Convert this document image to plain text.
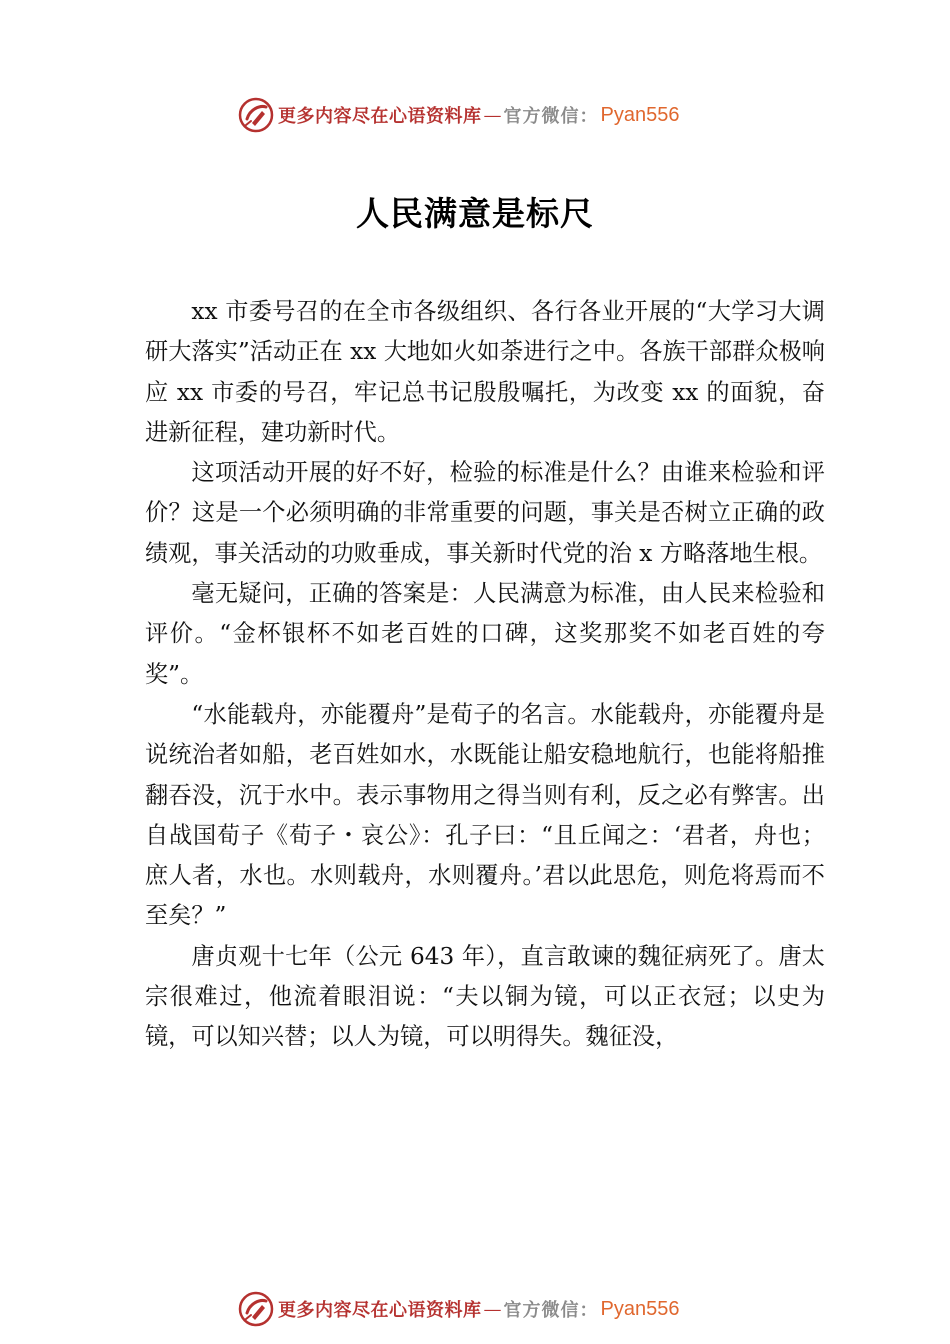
更多内容尽在心语资料库 — 官方微信： Pyan556
人民满意是标尺

xx 市委号召的在全市各级组织、各行各业开展的“大学习大调研大落实”活动正在 xx 大地如火如荼进行之中。各族干部群众极响应 xx 市委的号召，牢记总书记殷殷嘱托，为改变 xx 的面貌，奋进新征程，建功新时代。

这项活动开展的好不好，检验的标准是什么？由谁来检验和评价？这是一个必须明确的非常重要的问题，事关是否树立正确的政绩观，事关活动的功败垂成，事关新时代党的治 x 方略落地生根。

毫无疑问，正确的答案是：人民满意为标准，由人民来检验和评价。“金杯银杯不如老百姓的口碑，这奖那奖不如老百姓的夸奖”。

“水能载舟，亦能覆舟”是荀子的名言。水能载舟，亦能覆舟是说统治者如船，老百姓如水，水既能让船安稳地航行，也能将船推翻吞没，沉于水中。表示事物用之得当则有利，反之必有弊害。出自战国荀子《荀子・哀公》：孔子曰：“且丘闻之：‘君者，舟也；庶人者，水也。水则载舟，水则覆舟。’君以此思危，则危将焉而不至矣？”

唐贞观十七年（公元 643 年），直言敢谏的魏征病死了。唐太宗很难过，他流着眼泪说：“夫以铜为镜，可以正衣冠；以史为镜，可以知兴替；以人为镜，可以明得失。魏征没，

更多内容尽在心语资料库 — 官方微信： Pyan556
